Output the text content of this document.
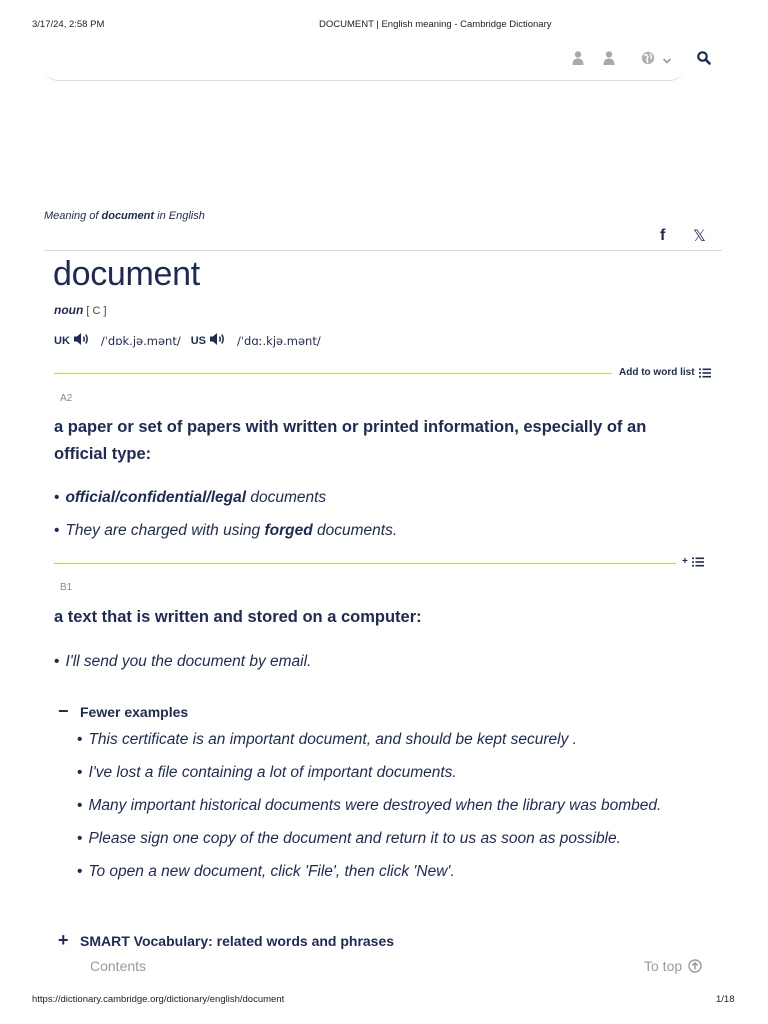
3/17/24, 2:58 PM	DOCUMENT | English meaning - Cambridge Dictionary
Meaning of document in English
f 𝕏
document
noun [ C ]
UK	/ˈdɒk.jə.mənt/ US	/ˈdɑː.kjə.mənt/
Add to word list
A2
a paper or set of papers with written or printed information, especially of an official type:
• official/confidential/legal documents
• They are charged with using forged documents.
+
B1
a text that is written and stored on a computer:
• I'll send you the document by email.
− Fewer examples
• This certificate is an important document, and should be kept securely .
• I've lost a file containing a lot of important documents.
• Many important historical documents were destroyed when the library was bombed.
• Please sign one copy of the document and return it to us as soon as possible.
• To open a new document, click 'File', then click 'New'.
+ SMART Vocabulary: related words and phrases
Contents	To top
https://dictionary.cambridge.org/dictionary/english/document	1/18
